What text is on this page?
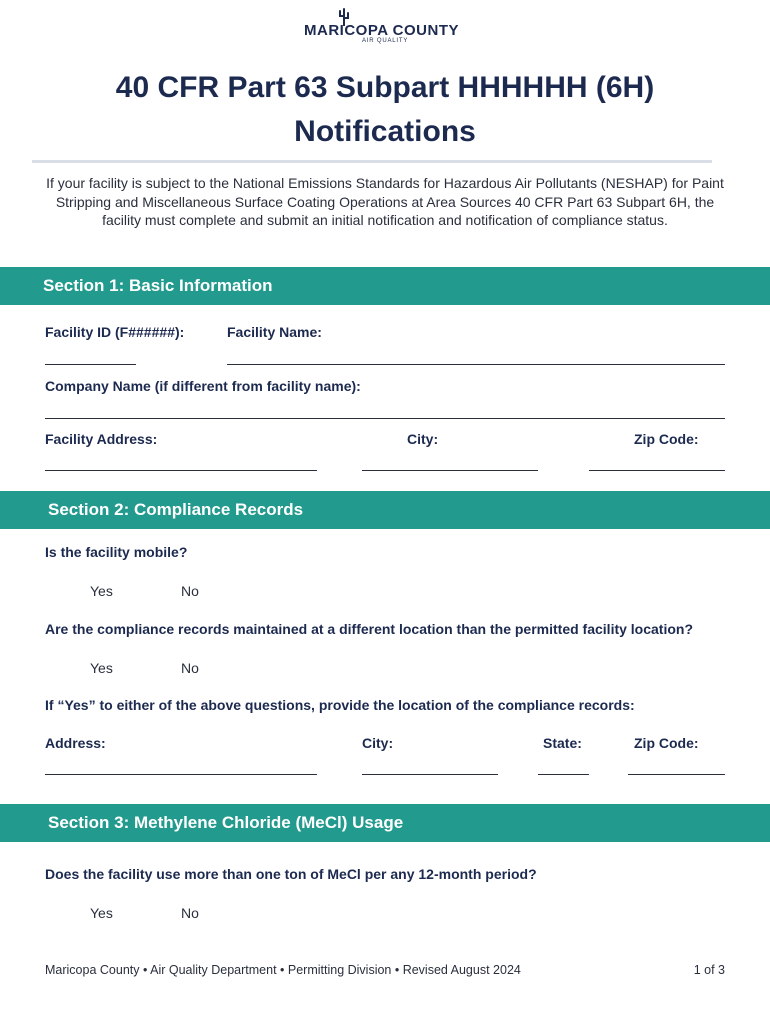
MARICOPA COUNTY
AIR QUALITY
40 CFR Part 63 Subpart HHHHHH (6H)
Notifications
If your facility is subject to the National Emissions Standards for Hazardous Air Pollutants (NESHAP) for Paint Stripping and Miscellaneous Surface Coating Operations at Area Sources 40 CFR Part 63 Subpart 6H, the facility must complete and submit an initial notification and notification of compliance status.
Section 1: Basic Information
Facility ID (F######):	Facility Name:
Company Name (if different from facility name):
Facility Address:	City:	Zip Code:
Section 2: Compliance Records
Is the facility mobile?
Yes	No
Are the compliance records maintained at a different location than the permitted facility location?
Yes	No
If “Yes” to either of the above questions, provide the location of the compliance records:
Address:	City:	State:	Zip Code:
Section 3: Methylene Chloride (MeCl) Usage
Does the facility use more than one ton of MeCl per any 12-month period?
Yes	No
Maricopa County • Air Quality Department • Permitting Division • Revised August 2024	1 of 3
